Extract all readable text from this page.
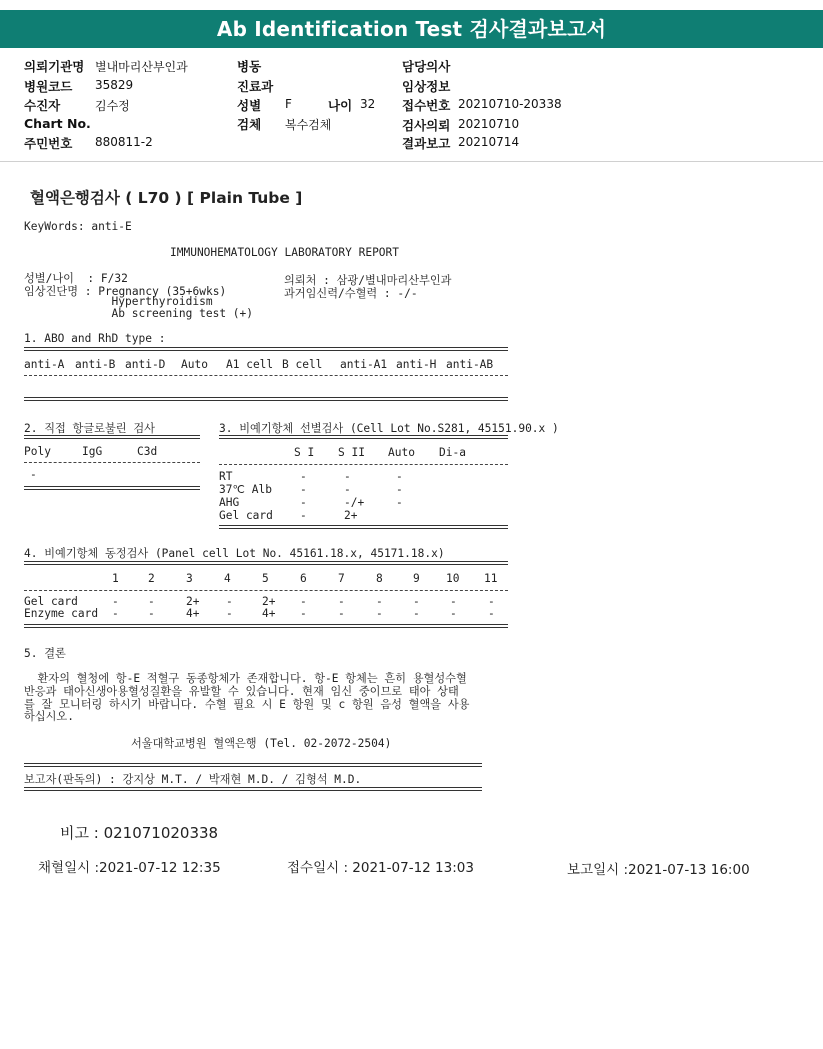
Ab Identification Test 검사결과보고서
의뢰기관명 별내마리산부인과
병원코드 35829
수진자	김수정
Chart No.
주민번호 880811-2
병동
진료과
성별 F	나이 32
검체 복수검체
담당의사
임상정보
접수번호 20210710-20338
검사의뢰 20210710
결과보고 20210714
혈액은행검사 ( L70 ) [ Plain Tube ]
KeyWords: anti-E
IMMUNOHEMATOLOGY LABORATORY REPORT
성별/나이  : F/32
임상진단명 : Pregnancy (35+6wks)
Hyperthyroidism
Ab screening test (+)
의뢰처 : 삼광/별내마리산부인과
과거임신력/수혈력 : -/-
1. ABO and RhD type :
anti-A anti-B anti-D Auto A1 cell B cell anti-A1 anti-H anti-AB
2. 직접 항글로불린 검사
Poly	IgG	C3d
-
3. 비예기항체 선별검사 (Cell Lot No.S281, 45151.90.x )
S I S II Auto Di-a
RT	-	-	-
37℃ Alb	-	-	-
AHG	-	-/+	-
Gel card -	2+
4. 비예기항체 동정검사 (Panel cell Lot No. 45161.18.x, 45171.18.x)
1	2	3	4	5	6	7	8	9 10 11
Gel card	-	-	2+ -	2+ -	-	-	-	-	-
Enzyme card -	-	4+ -	4+ -	-	-	-	-	-
5. 결론
환자의 혈청에 항-E 적혈구 동종항체가 존재합니다. 항-E 항체는 흔히 용혈성수혈
반응과 태아신생아용혈성질환을 유발할 수 있습니다. 현재 임신 중이므로 태아 상태
를 잘 모니터링 하시기 바랍니다. 수혈 필요 시 E 항원 및 c 항원 음성 혈액을 사용
하십시오.
서울대학교병원 혈액은행 (Tel. 02-2072-2504)
보고자(판독의) : 강지상 M.T. / 박재현 M.D. / 김형석 M.D.
비고 : 021071020338
채혈일시 :2021-07-12 12:35	접수일시 : 2021-07-12 13:03	보고일시 :2021-07-13 16:00
